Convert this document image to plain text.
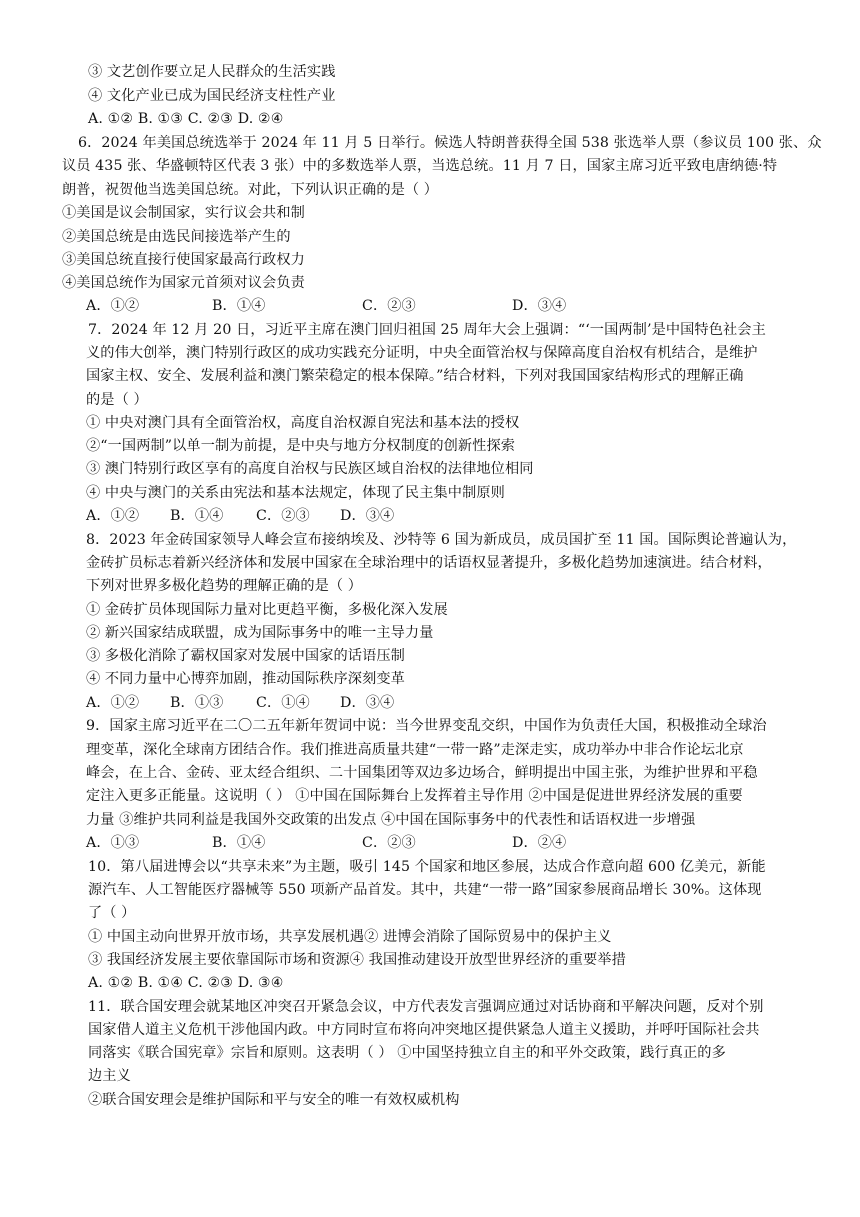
③ 文艺创作要立足人民群众的生活实践
④ 文化产业已成为国民经济支柱性产业
A. ①② B. ①③ C. ②③ D. ②④
6．2024 年美国总统选举于 2024 年 11 月 5 日举行。候选人特朗普获得全国 538 张选举人票（参议员 100 张、众
议员 435 张、华盛顿特区代表 3 张）中的多数选举人票，当选总统。11 月 7 日，国家主席习近平致电唐纳德·特
朗普，祝贺他当选美国总统。对此，下列认识正确的是（ ）
①美国是议会制国家，实行议会共和制
②美国总统是由选民间接选举产生的
③美国总统直接行使国家最高行政权力
④美国总统作为国家元首须对议会负责
A．①②	B．①④	C．②③	D．③④
7．2024 年 12 月 20 日，习近平主席在澳门回归祖国 25 周年大会上强调：“‘一国两制’是中国特色社会主
义的伟大创举，澳门特别行政区的成功实践充分证明，中央全面管治权与保障高度自治权有机结合，是维护
国家主权、安全、发展利益和澳门繁荣稳定的根本保障。”结合材料，下列对我国国家结构形式的理解正确
的是（ ）
① 中央对澳门具有全面管治权，高度自治权源自宪法和基本法的授权
②“一国两制”以单一制为前提，是中央与地方分权制度的创新性探索
③ 澳门特别行政区享有的高度自治权与民族区域自治权的法律地位相同
④ 中央与澳门的关系由宪法和基本法规定，体现了民主集中制原则
A．①② B．①④ C．②③ D．③④
8．2023 年金砖国家领导人峰会宣布接纳埃及、沙特等 6 国为新成员，成员国扩至 11 国。国际舆论普遍认为，
金砖扩员标志着新兴经济体和发展中国家在全球治理中的话语权显著提升，多极化趋势加速演进。结合材料，
下列对世界多极化趋势的理解正确的是（ ）
① 金砖扩员体现国际力量对比更趋平衡，多极化深入发展
② 新兴国家结成联盟，成为国际事务中的唯一主导力量
③ 多极化消除了霸权国家对发展中国家的话语压制
④ 不同力量中心博弈加剧，推动国际秩序深刻变革
A．①② B．①③ C．①④ D．③④
9．国家主席习近平在二〇二五年新年贺词中说：当今世界变乱交织，中国作为负责任大国，积极推动全球治
理变革，深化全球南方团结合作。我们推进高质量共建“一带一路”走深走实，成功举办中非合作论坛北京
峰会，在上合、金砖、亚太经合组织、二十国集团等双边多边场合，鲜明提出中国主张，为维护世界和平稳
定注入更多正能量。这说明（ ） ①中国在国际舞台上发挥着主导作用 ②中国是促进世界经济发展的重要
力量 ③维护共同利益是我国外交政策的出发点 ④中国在国际事务中的代表性和话语权进一步增强
A．①③	B．①④	C．②③	D．②④
10．第八届进博会以“共享未来”为主题，吸引 145 个国家和地区参展，达成合作意向超 600 亿美元，新能
源汽车、人工智能医疗器械等 550 项新产品首发。其中，共建“一带一路”国家参展商品增长 30%。这体现
了（ ）
① 中国主动向世界开放市场，共享发展机遇② 进博会消除了国际贸易中的保护主义
③ 我国经济发展主要依靠国际市场和资源④ 我国推动建设开放型世界经济的重要举措
A. ①② B. ①④ C. ②③ D. ③④
11．联合国安理会就某地区冲突召开紧急会议，中方代表发言强调应通过对话协商和平解决问题，反对个别
国家借人道主义危机干涉他国内政。中方同时宣布将向冲突地区提供紧急人道主义援助，并呼吁国际社会共
同落实《联合国宪章》宗旨和原则。这表明（ ） ①中国坚持独立自主的和平外交政策，践行真正的多
边主义
②联合国安理会是维护国际和平与安全的唯一有效权威机构
